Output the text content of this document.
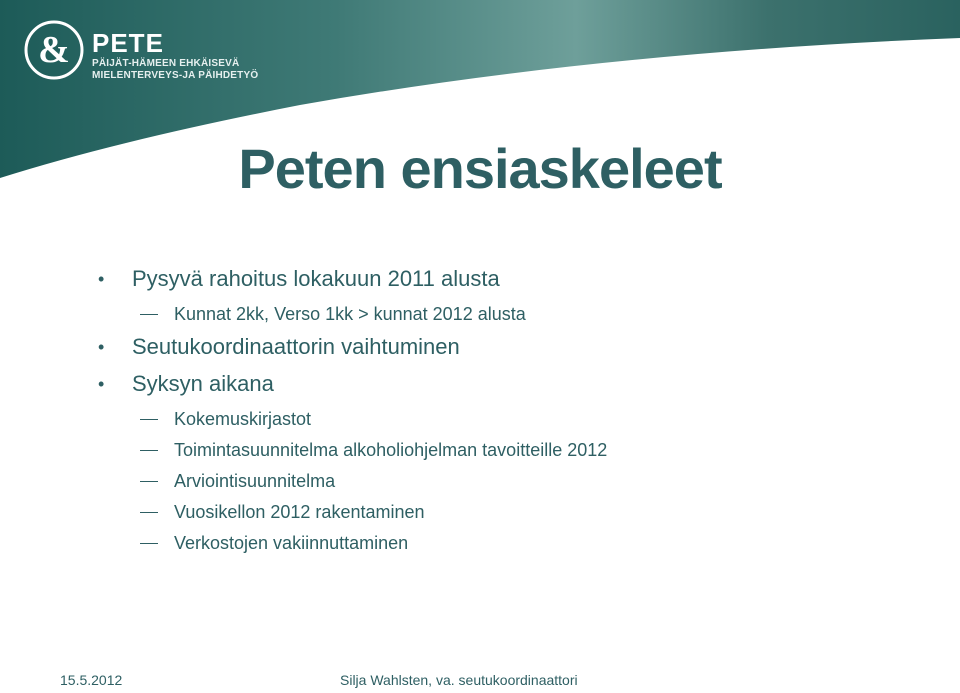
& PETE
PÄIJÄT-HÄMEEN EHKÄISEVÄ
MIELENTERVEYS-JA PÄIHDETYÖ
Peten ensiaskeleet
• Pysyvä rahoitus lokakuun 2011 alusta
Kunnat 2kk, Verso 1kk > kunnat 2012 alusta
• Seutukoordinaattorin vaihtuminen
• Syksyn aikana
Kokemuskirjastot
Toimintasuunnitelma alkoholiohjelman tavoitteille 2012
Arviointisuunnitelma
Vuosikellon 2012 rakentaminen
Verkostojen vakiinnuttaminen
15.5.2012	Silja Wahlsten, va. seutukoordinaattori
